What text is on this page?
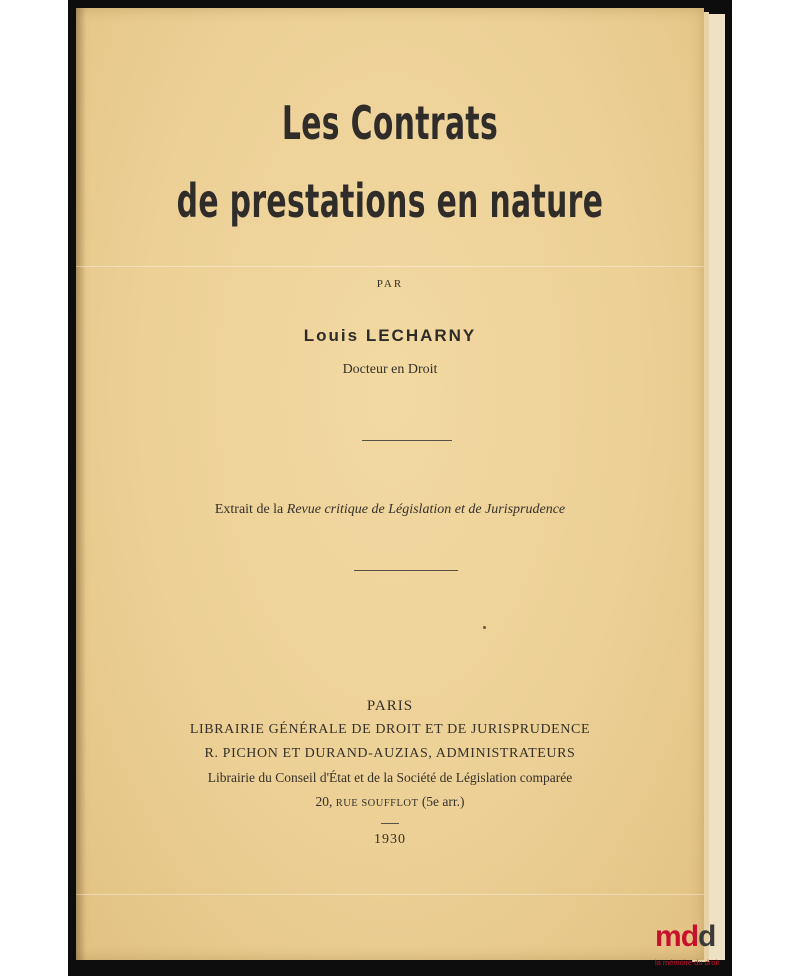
Les Contrats
de prestations en nature
PAR
Louis LECHARNY
Docteur en Droit
Extrait de la Revue critique de Législation et de Jurisprudence
PARIS
LIBRAIRIE GÉNÉRALE DE DROIT ET DE JURISPRUDENCE
R. PICHON ET DURAND-AUZIAS, ADMINISTRATEURS
Librairie du Conseil d'État et de la Société de Législation comparée
20, RUE SOUFFLOT (5e arr.)
1930
mdd
la mémoire du droit
